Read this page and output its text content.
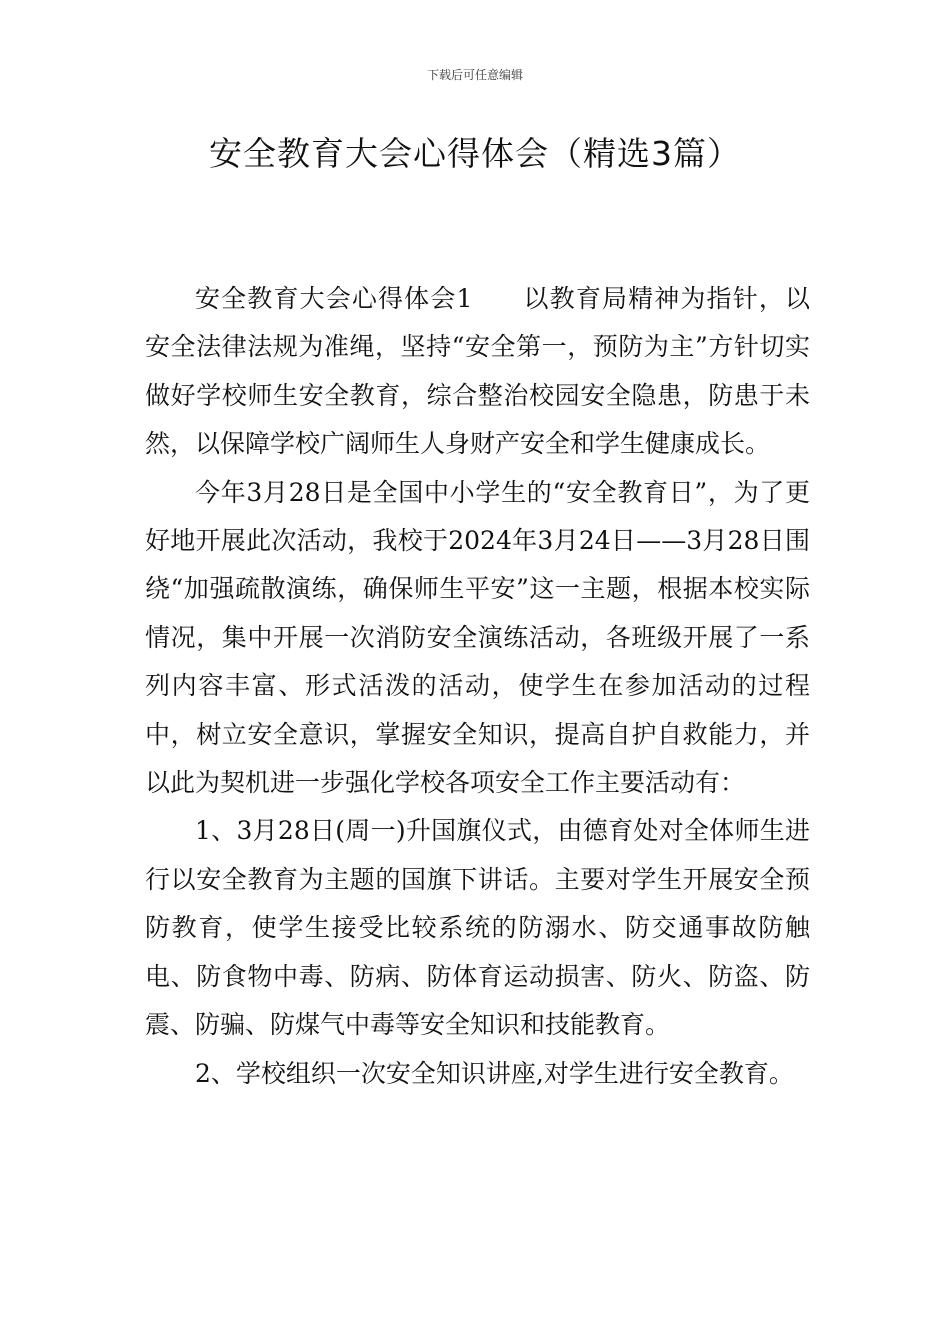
下载后可任意编辑
安全教育大会心得体会（精选3篇）

安全教育大会心得体会1 以教育局精神为指针，以安全法律法规为准绳，坚持“安全第一，预防为主”方针切实做好学校师生安全教育，综合整治校园安全隐患，防患于未然，以保障学校广阔师生人身财产安全和学生健康成长。

今年3月28日是全国中小学生的“安全教育日”，为了更好地开展此次活动，我校于2024年3月24日——3月28日围绕“加强疏散演练，确保师生平安”这一主题，根据本校实际情况，集中开展一次消防安全演练活动，各班级开展了一系列内容丰富、形式活泼的活动，使学生在参加活动的过程中，树立安全意识，掌握安全知识，提高自护自救能力，并以此为契机进一步强化学校各项安全工作主要活动有：

1、3月28日(周一)升国旗仪式，由德育处对全体师生进行以安全教育为主题的国旗下讲话。主要对学生开展安全预防教育，使学生接受比较系统的防溺水、防交通事故防触电、防食物中毒、防病、防体育运动损害、防火、防盗、防震、防骗、防煤气中毒等安全知识和技能教育。

2、学校组织一次安全知识讲座,对学生进行安全教育。
